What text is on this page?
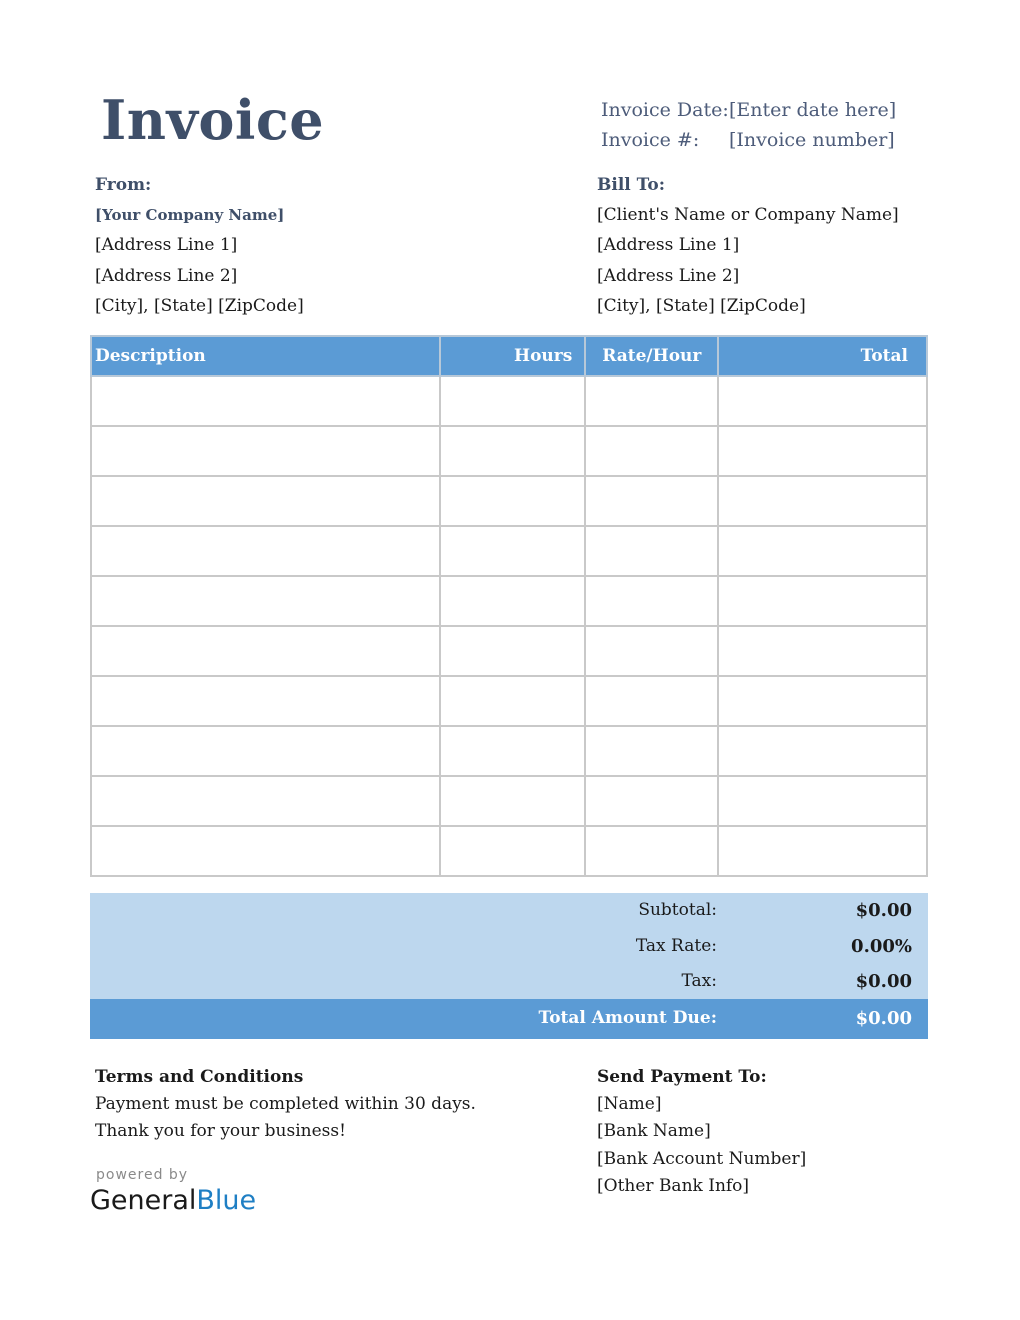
Invoice	Invoice Date: [Enter date here]
Invoice #: [Invoice number]
From:
[Your Company Name]
[Address Line 1]
[Address Line 2]
[City], [State] [ZipCode]
Bill To:
[Client's Name or Company Name]
[Address Line 1]
[Address Line 2]
[City], [State] [ZipCode]
Description	Hours	Rate/Hour	Total

Subtotal:	$0.00
Tax Rate:	0.00%
Tax:	$0.00
Total Amount Due:	$0.00
Terms and Conditions
Payment must be completed within 30 days.
Thank you for your business!
Send Payment To:
[Name]
[Bank Name]
[Bank Account Number]
[Other Bank Info]
powered by
GeneralBlue
